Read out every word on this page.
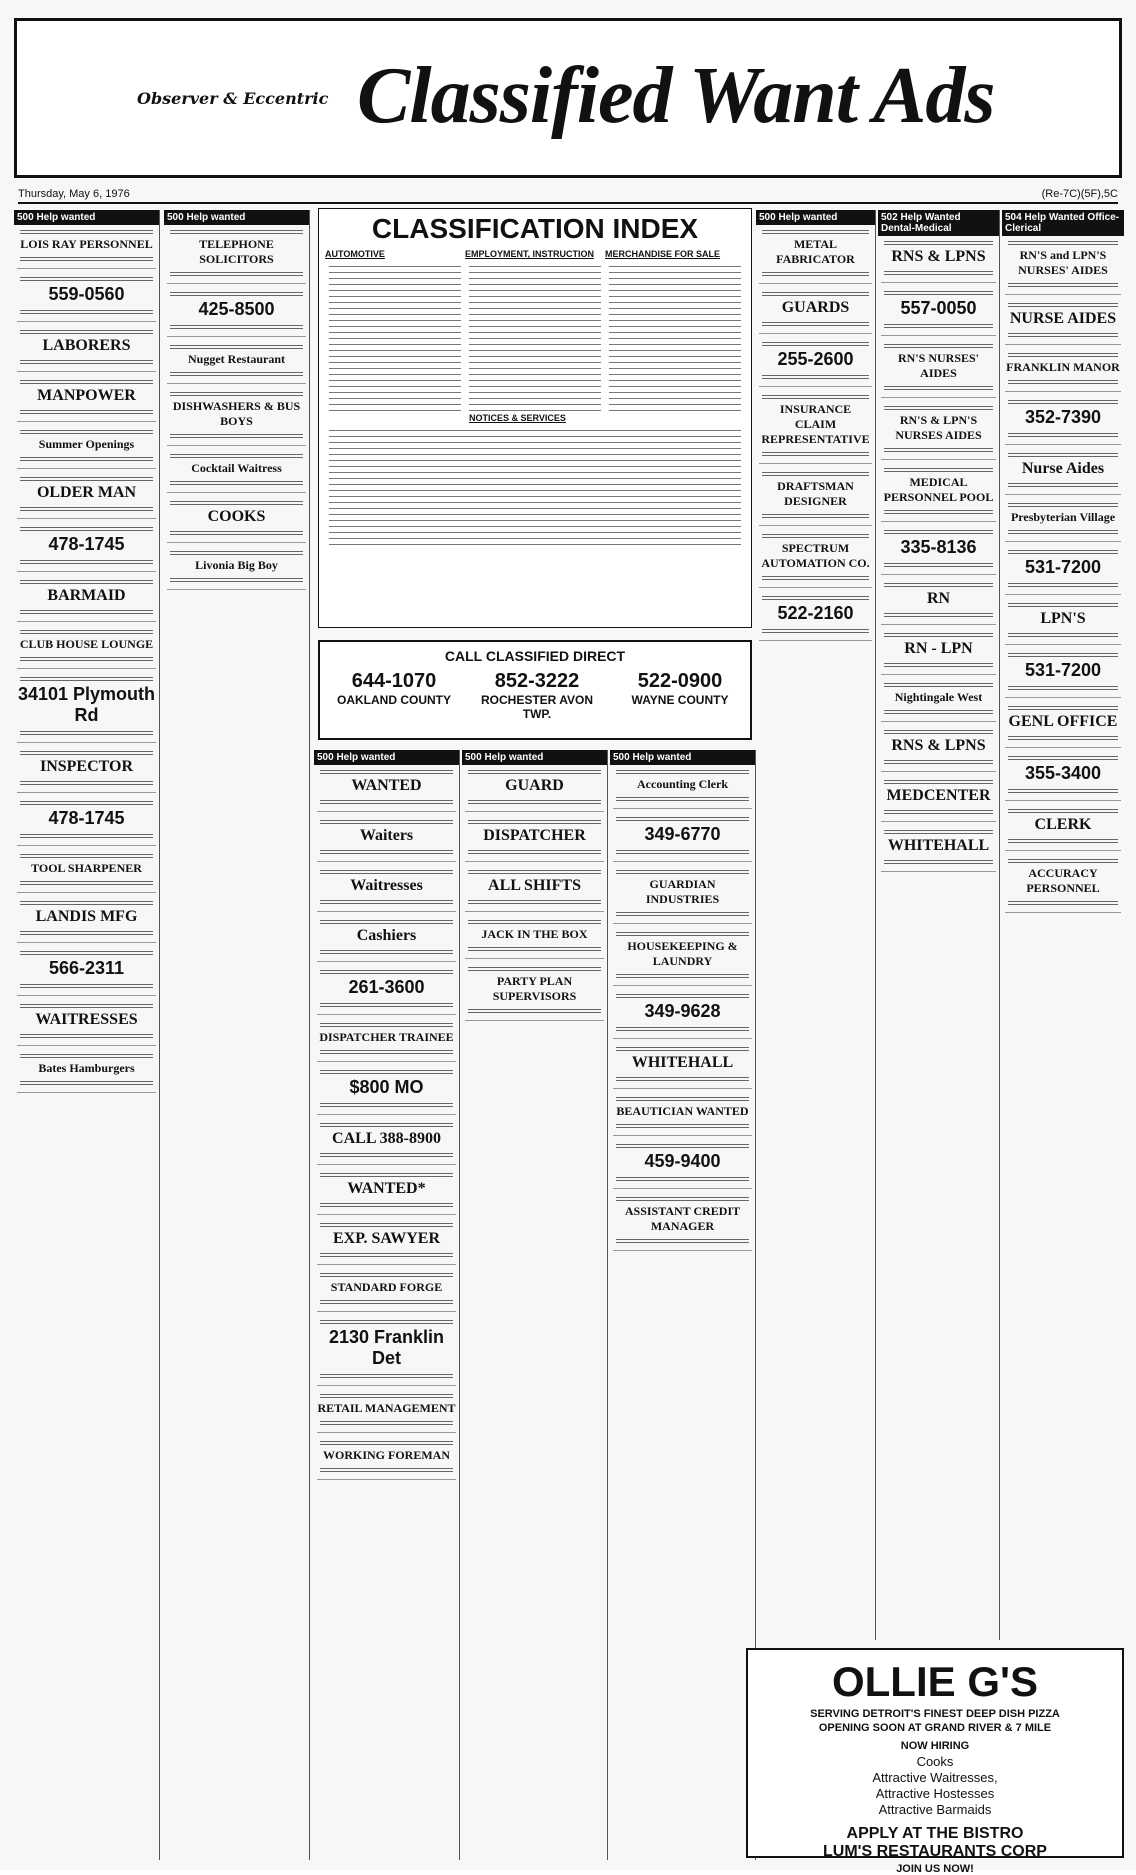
Observer & Eccentric Classified Want Ads
Thursday, May 6, 1976	(Re-7C)(5F),5C
500 Help wanted
LOIS RAY PERSONNEL
559-0560
LABORERS
MANPOWER
Summer Openings
OLDER MAN
478-1745
BARMAID
CLUB HOUSE LOUNGE
34101 Plymouth Rd
INSPECTOR
478-1745
TOOL SHARPENER
LANDIS MFG
566-2311
WAITRESSES
Bates Hamburgers
500 Help wanted
TELEPHONE SOLICITORS
425-8500
Nugget Restaurant
DISHWASHERS & BUS BOYS
Cocktail Waitress
COOKS
Livonia Big Boy
CLASSIFICATION INDEX
AUTOMOTIVE	EMPLOYMENT, INSTRUCTION	MERCHANDISE FOR SALE
NOTICES & SERVICES
CALL CLASSIFIED DIRECT
644-1070
OAKLAND COUNTY
852-3222
ROCHESTER AVON TWP.
522-0900
WAYNE COUNTY
500 Help wanted
WANTED
Waiters
Waitresses
Cashiers
261-3600
DISPATCHER TRAINEE
$800 MO
CALL 388-8900
WANTED*
EXP. SAWYER
STANDARD FORGE
2130 Franklin Det
RETAIL MANAGEMENT
WORKING FOREMAN
500 Help wanted
GUARD
DISPATCHER
ALL SHIFTS
JACK IN THE BOX
PARTY PLAN SUPERVISORS
500 Help wanted
Accounting Clerk
349-6770
GUARDIAN INDUSTRIES
HOUSEKEEPING & LAUNDRY
349-9628
WHITEHALL
BEAUTICIAN WANTED
459-9400
ASSISTANT CREDIT MANAGER
500 Help wanted
METAL FABRICATOR
GUARDS
255-2600
INSURANCE CLAIM REPRESENTATIVE
DRAFTSMAN DESIGNER
SPECTRUM AUTOMATION CO.
522-2160
502 Help Wanted Dental-Medical
RNS & LPNS
557-0050
RN'S NURSES' AIDES
RN'S & LPN'S NURSES AIDES
MEDICAL PERSONNEL POOL
335-8136
RN
RN - LPN
Nightingale West
RNS & LPNS
MEDCENTER
WHITEHALL
504 Help Wanted Office-Clerical
RN'S and LPN'S NURSES' AIDES
NURSE AIDES
FRANKLIN MANOR
352-7390
Nurse Aides
Presbyterian Village
531-7200
LPN'S
531-7200
GENL OFFICE
355-3400
CLERK
ACCURACY PERSONNEL
OLLIE G'S
SERVING DETROIT'S FINEST DEEP DISH PIZZA
OPENING SOON AT GRAND RIVER & 7 MILE
NOW HIRING
Cooks
Attractive Waitresses,
Attractive Hostesses
Attractive Barmaids
APPLY AT THE BISTRO
LUM'S RESTAURANTS CORP
JOIN US NOW!
